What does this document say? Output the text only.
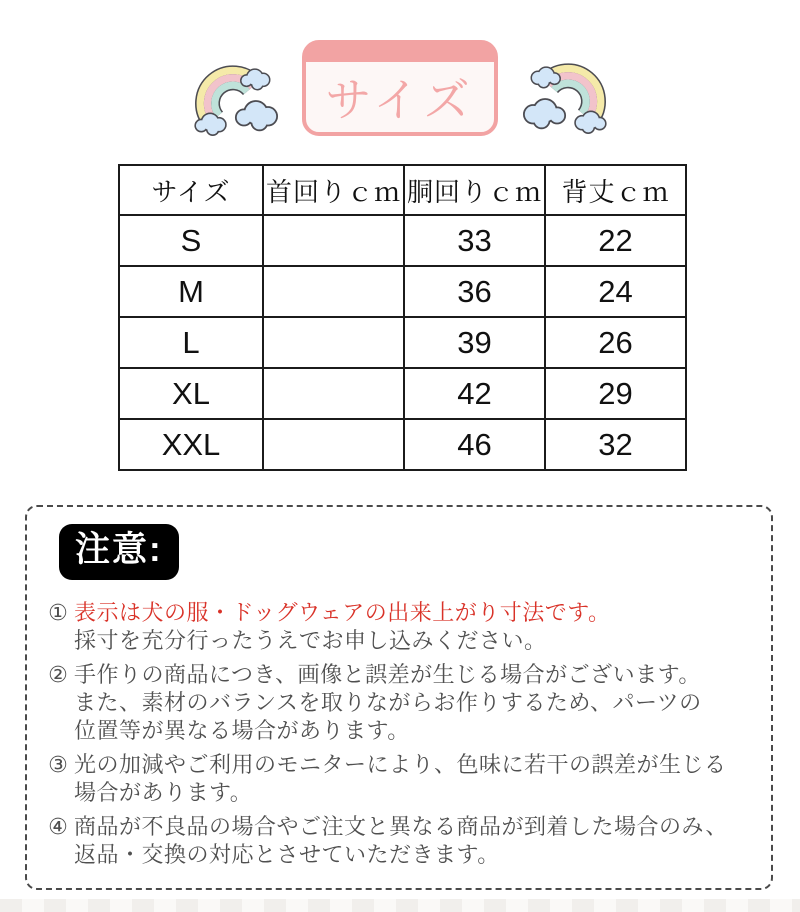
サイズ
サイズ	首回りｃｍ	胴回りｃｍ	背丈ｃｍ
S		33	22
M		36	24
L		39	26
XL		42	29
XXL		46	32
注意:
① 表示は犬の服・ドッグウェアの出来上がり寸法です。
採寸を充分行ったうえでお申し込みください。
② 手作りの商品につき、画像と誤差が生じる場合がございます。
また、素材のバランスを取りながらお作りするため、パーツの
位置等が異なる場合があります。
③ 光の加減やご利用のモニターにより、色味に若干の誤差が生じる
場合があります。
④ 商品が不良品の場合やご注文と異なる商品が到着した場合のみ、
返品・交換の対応とさせていただきます。
